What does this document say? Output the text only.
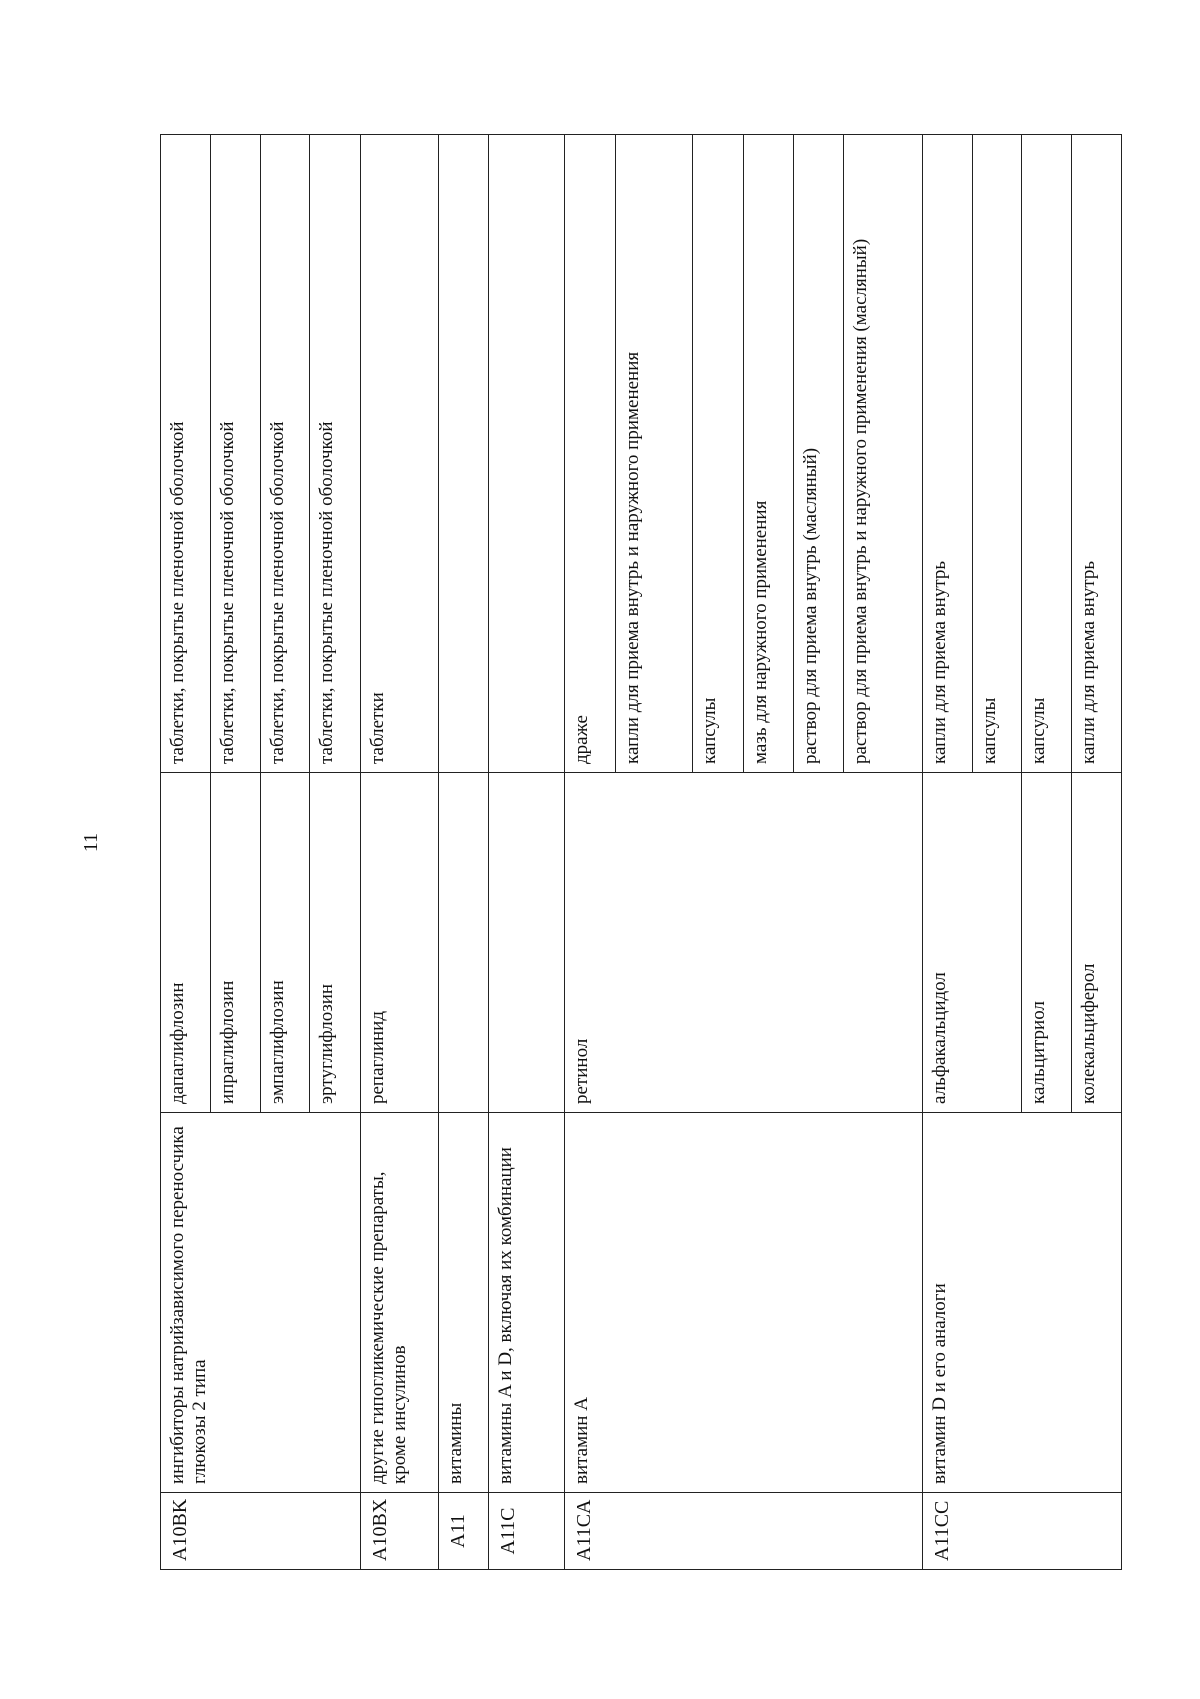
11
A10BK	ингибиторы натрийзависимого переносчика глюкозы 2 типа	дапаглифлозин	таблетки, покрытые пленочной оболочкой
		ипраглифлозин	таблетки, покрытые пленочной оболочкой
		эмпаглифлозин	таблетки, покрытые пленочной оболочкой
		эртуглифлозин	таблетки, покрытые пленочной оболочкой
A10BX	другие гипогликемические препараты, кроме инсулинов	репаглинид	таблетки
A11	витамины		
A11C	витамины A и D, включая их комбинации		
A11CA	витамин А	ретинол	драже
			капли для приема внутрь и наружного применения
			капсулы
			мазь для наружного применения
			раствор для приема внутрь (масляный)
			раствор для приема внутрь и наружного применения (масляный)
A11CC	витамин D и его аналоги	альфакальцидол	капли для приема внутрь
			капсулы
		кальцитриол	капсулы
		колекальциферол	капли для приема внутрь
